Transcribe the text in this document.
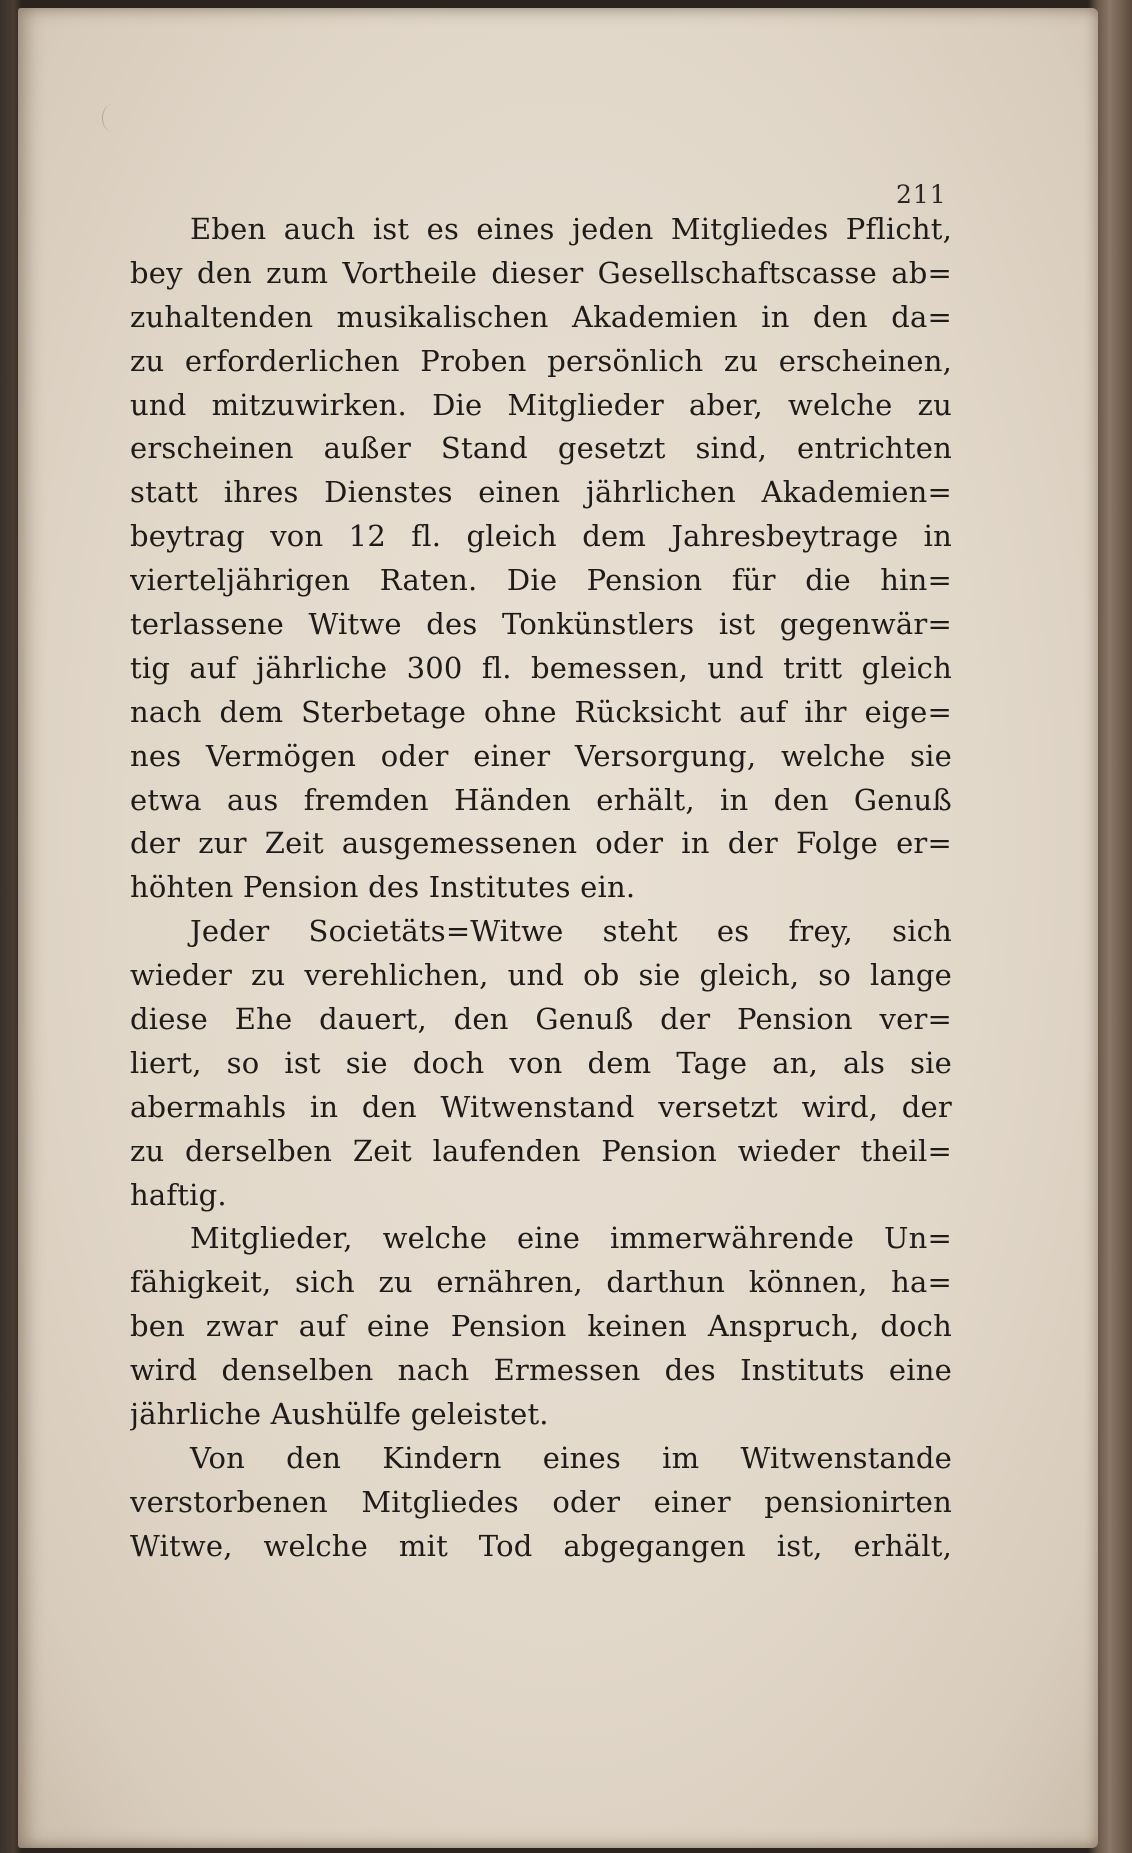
211
Eben auch ist es eines jeden Mitgliedes Pflicht,
bey den zum Vortheile dieser Gesellschaftscasse ab=
zuhaltenden musikalischen Akademien in den da=
zu erforderlichen Proben persönlich zu erscheinen,
und mitzuwirken. Die Mitglieder aber, welche zu
erscheinen außer Stand gesetzt sind, entrichten
statt ihres Dienstes einen jährlichen Akademien=
beytrag von 12 fl. gleich dem Jahresbeytrage in
vierteljährigen Raten. Die Pension für die hin=
terlassene Witwe des Tonkünstlers ist gegenwär=
tig auf jährliche 300 fl. bemessen, und tritt gleich
nach dem Sterbetage ohne Rücksicht auf ihr eige=
nes Vermögen oder einer Versorgung, welche sie
etwa aus fremden Händen erhält, in den Genuß
der zur Zeit ausgemessenen oder in der Folge er=
höhten Pension des Institutes ein.
Jeder Societäts=Witwe steht es frey, sich
wieder zu verehlichen, und ob sie gleich, so lange
diese Ehe dauert, den Genuß der Pension ver=
liert, so ist sie doch von dem Tage an, als sie
abermahls in den Witwenstand versetzt wird, der
zu derselben Zeit laufenden Pension wieder theil=
haftig.
Mitglieder, welche eine immerwährende Un=
fähigkeit, sich zu ernähren, darthun können, ha=
ben zwar auf eine Pension keinen Anspruch, doch
wird denselben nach Ermessen des Instituts eine
jährliche Aushülfe geleistet.
Von den Kindern eines im Witwenstande
verstorbenen Mitgliedes oder einer pensionirten
Witwe, welche mit Tod abgegangen ist, erhält,
